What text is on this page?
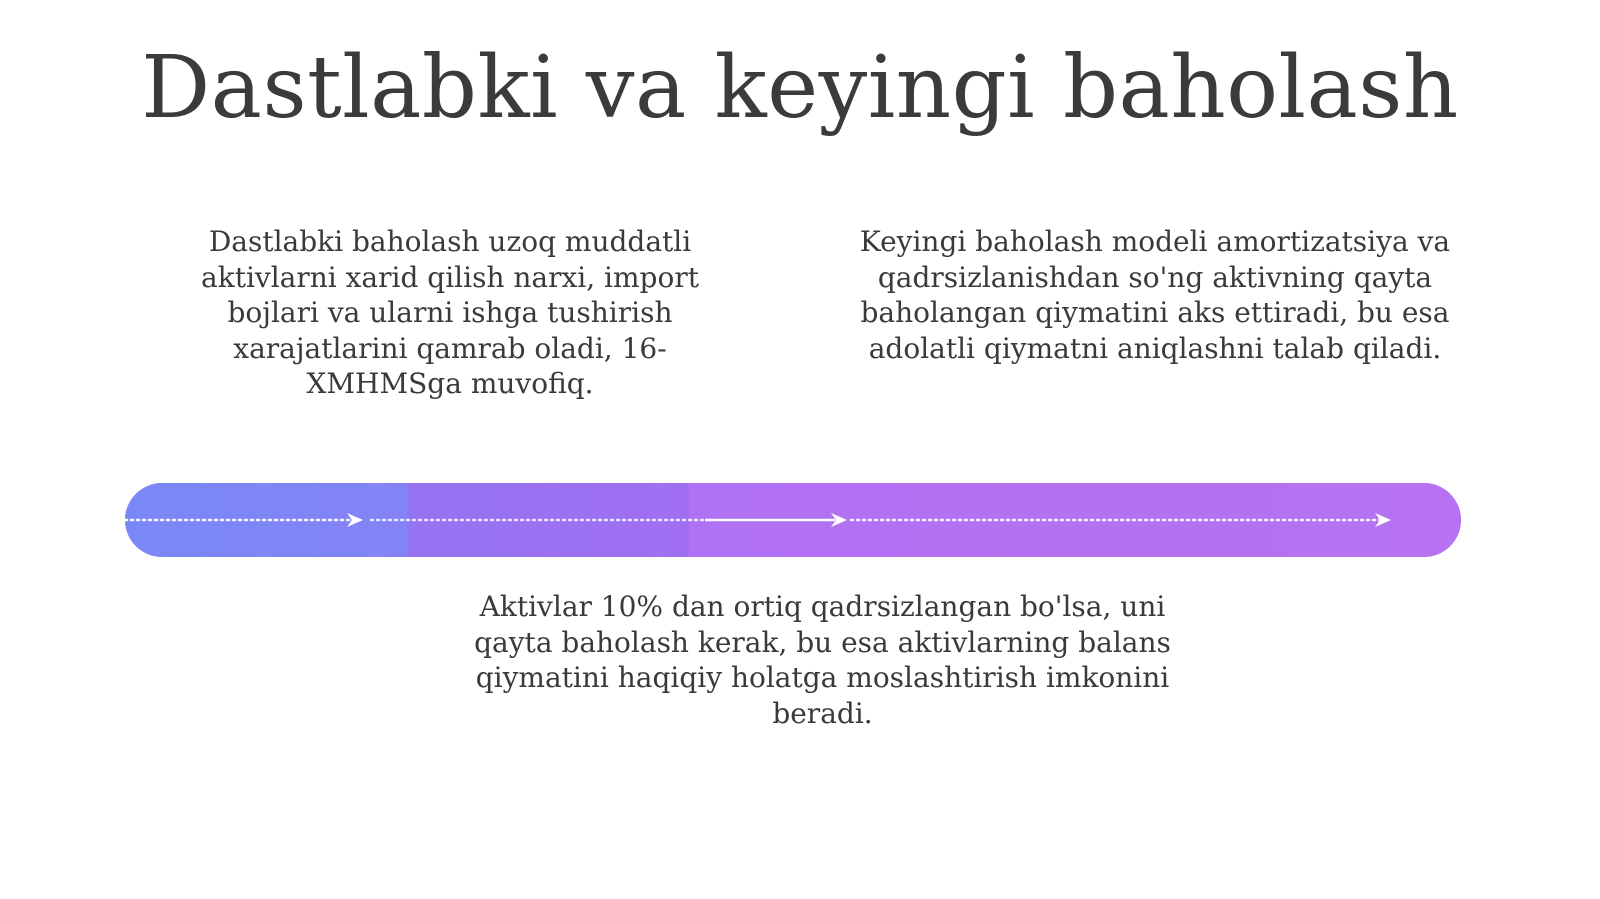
Dastlabki va keyingi baholash
Dastlabki baholash uzoq muddatli aktivlarni xarid qilish narxi, import bojlari va ularni ishga tushirish xarajatlarini qamrab oladi, 16-XMHMSga muvofiq.
Keyingi baholash modeli amortizatsiya va qadrsizlanishdan so'ng aktivning qayta baholangan qiymatini aks ettiradi, bu esa adolatli qiymatni aniqlashni talab qiladi.
Aktivlar 10% dan ortiq qadrsizlangan bo'lsa, uni qayta baholash kerak, bu esa aktivlarning balans qiymatini haqiqiy holatga moslashtirish imkonini beradi.
